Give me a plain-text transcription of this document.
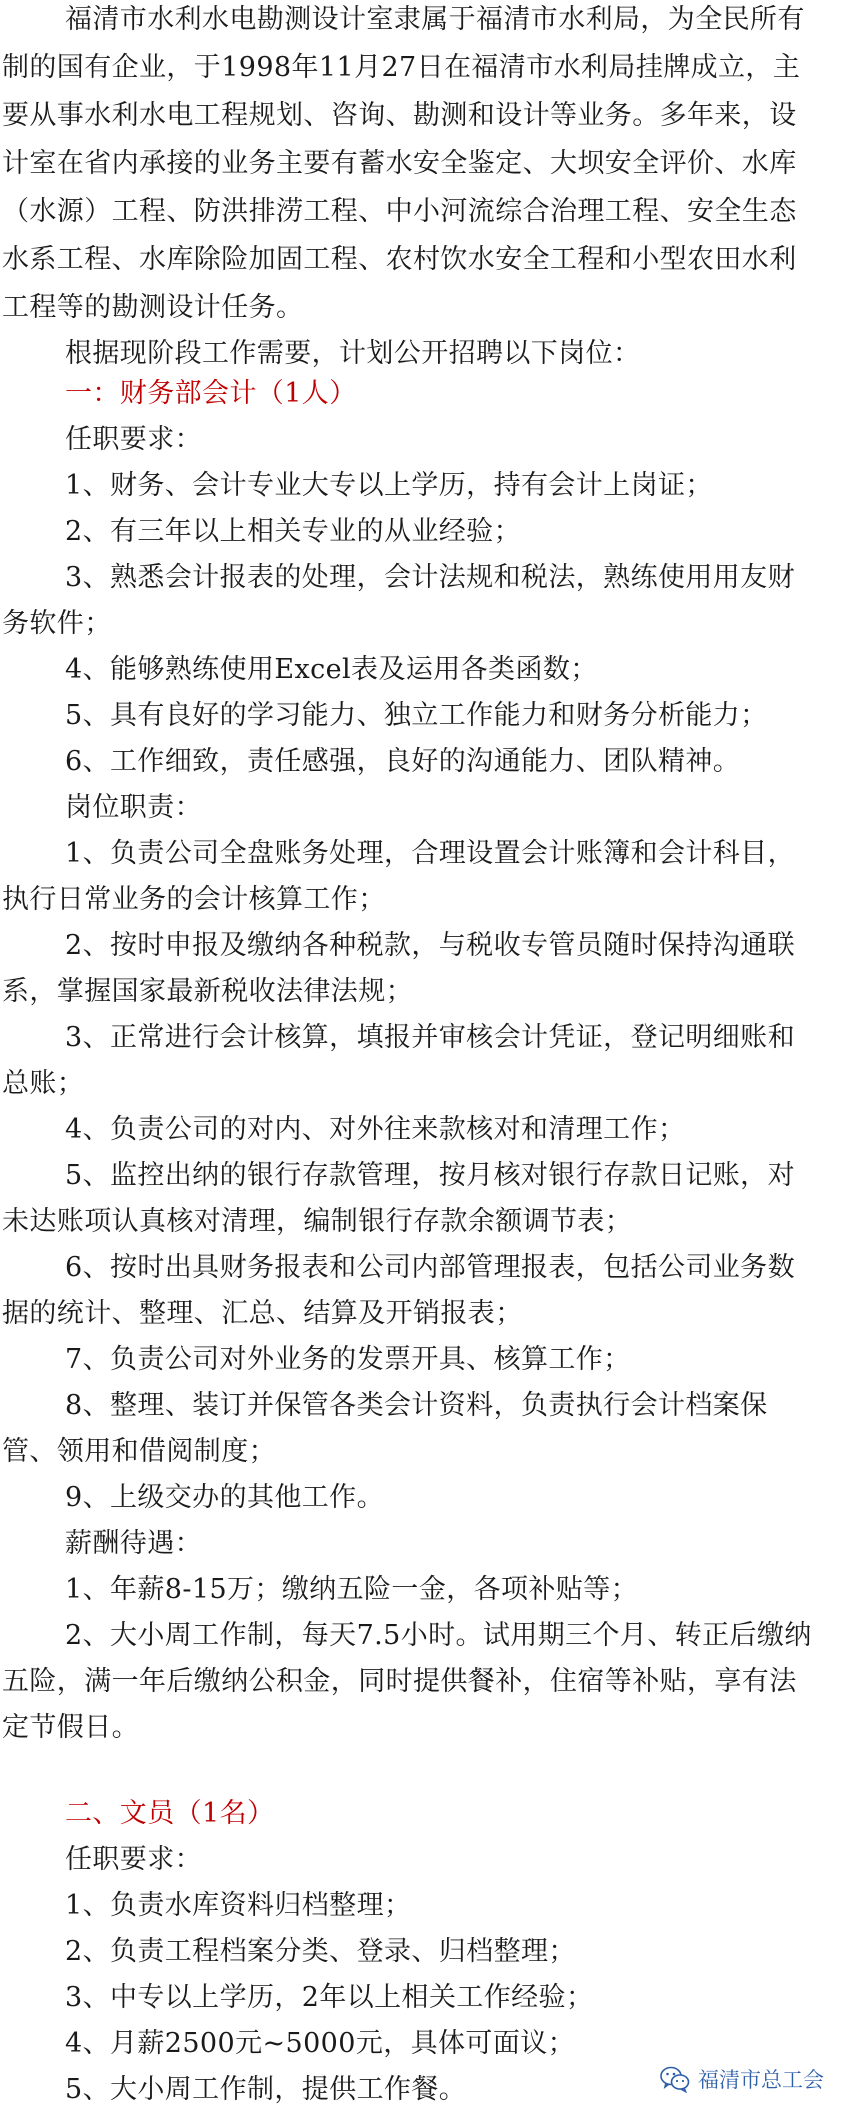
福清市水利水电勘测设计室隶属于福清市水利局，为全民所有
制的国有企业，于1998年11月27日在福清市水利局挂牌成立，主
要从事水利水电工程规划、咨询、勘测和设计等业务。多年来，设
计室在省内承接的业务主要有蓄水安全鉴定、大坝安全评价、水库
（水源）工程、防洪排涝工程、中小河流综合治理工程、安全生态
水系工程、水库除险加固工程、农村饮水安全工程和小型农田水利
工程等的勘测设计任务。
根据现阶段工作需要，计划公开招聘以下岗位：
一：财务部会计（1人）
任职要求：
1、财务、会计专业大专以上学历，持有会计上岗证；
2、有三年以上相关专业的从业经验；
3、熟悉会计报表的处理，会计法规和税法，熟练使用用友财
务软件；
4、能够熟练使用Excel表及运用各类函数；
5、具有良好的学习能力、独立工作能力和财务分析能力；
6、工作细致，责任感强，良好的沟通能力、团队精神。
岗位职责：
1、负责公司全盘账务处理，合理设置会计账簿和会计科目，
执行日常业务的会计核算工作；
2、按时申报及缴纳各种税款，与税收专管员随时保持沟通联
系，掌握国家最新税收法律法规；
3、正常进行会计核算，填报并审核会计凭证，登记明细账和
总账；
4、负责公司的对内、对外往来款核对和清理工作；
5、监控出纳的银行存款管理，按月核对银行存款日记账，对
未达账项认真核对清理，编制银行存款余额调节表；
6、按时出具财务报表和公司内部管理报表，包括公司业务数
据的统计、整理、汇总、结算及开销报表；
7、负责公司对外业务的发票开具、核算工作；
8、整理、装订并保管各类会计资料，负责执行会计档案保
管、领用和借阅制度；
9、上级交办的其他工作。
薪酬待遇：
1、年薪8-15万；缴纳五险一金，各项补贴等；
2、大小周工作制，每天7.5小时。试用期三个月、转正后缴纳
五险，满一年后缴纳公积金，同时提供餐补，住宿等补贴，享有法
定节假日。
二、文员（1名）
任职要求：
1、负责水库资料归档整理；
2、负责工程档案分类、登录、归档整理；
3、中专以上学历，2年以上相关工作经验；
4、月薪2500元~5000元，具体可面议；
5、大小周工作制，提供工作餐。	福清市总工会
